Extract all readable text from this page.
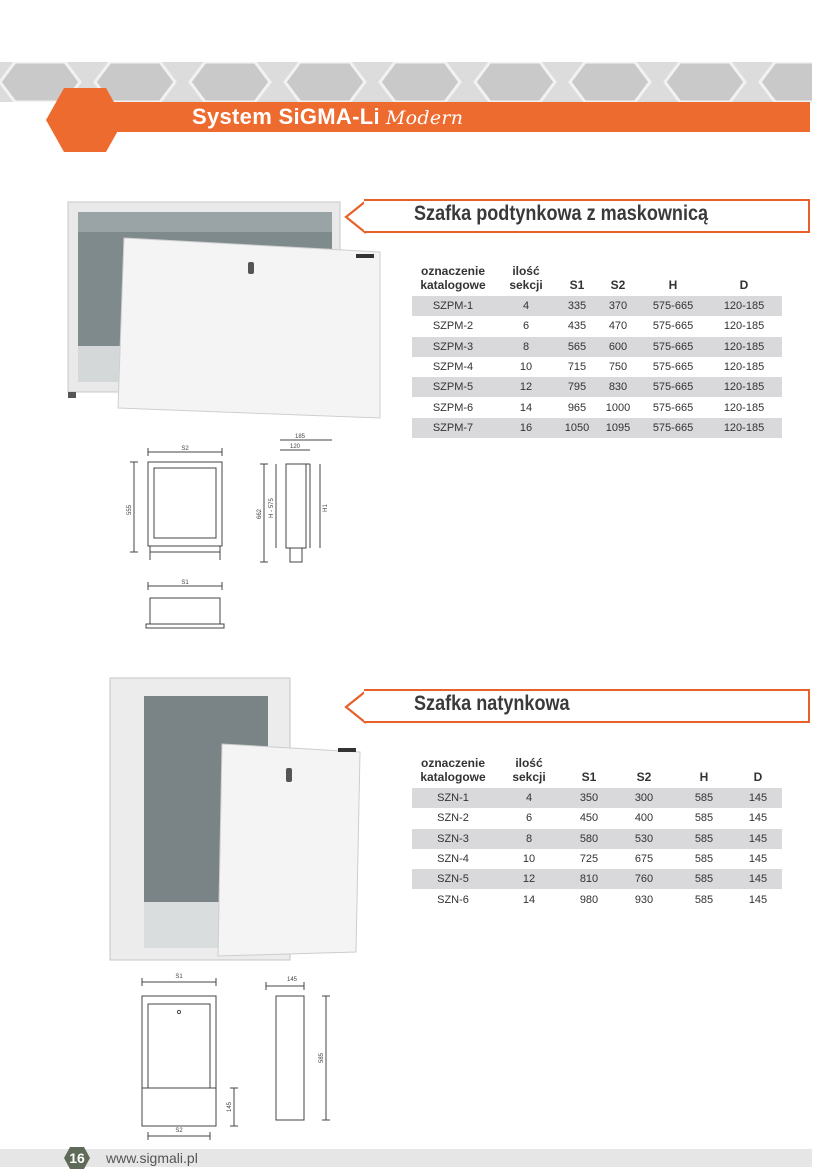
System SiGMA-Li Modern
Szafka podtynkowa z maskownicą
oznaczenie
katalogowe	ilość
sekcji	S1	S2	H	D

SZPM-1	4	335	370	575-665	120-185
SZPM-2	6	435	470	575-665	120-185
SZPM-3	8	565	600	575-665	120-185
SZPM-4	10	715	750	575-665	120-185
SZPM-5	12	795	830	575-665	120-185
SZPM-6	14	965	1000	575-665	120-185
SZPM-7	16	1050	1095	575-665	120-185
S2
555
185
120
662 H - 575	H1
S1
Szafka natynkowa
oznaczenie
katalogowe	ilość
sekcji	S1	S2	H	D

SZN-1	4	350	300	585	145
SZN-2	6	450	400	585	145
SZN-3	8	580	530	585	145
SZN-4	10	725	675	585	145
SZN-5	12	810	760	585	145
SZN-6	14	980	930	585	145
S1	145
585
145
S2
16 www.sigmali.pl
